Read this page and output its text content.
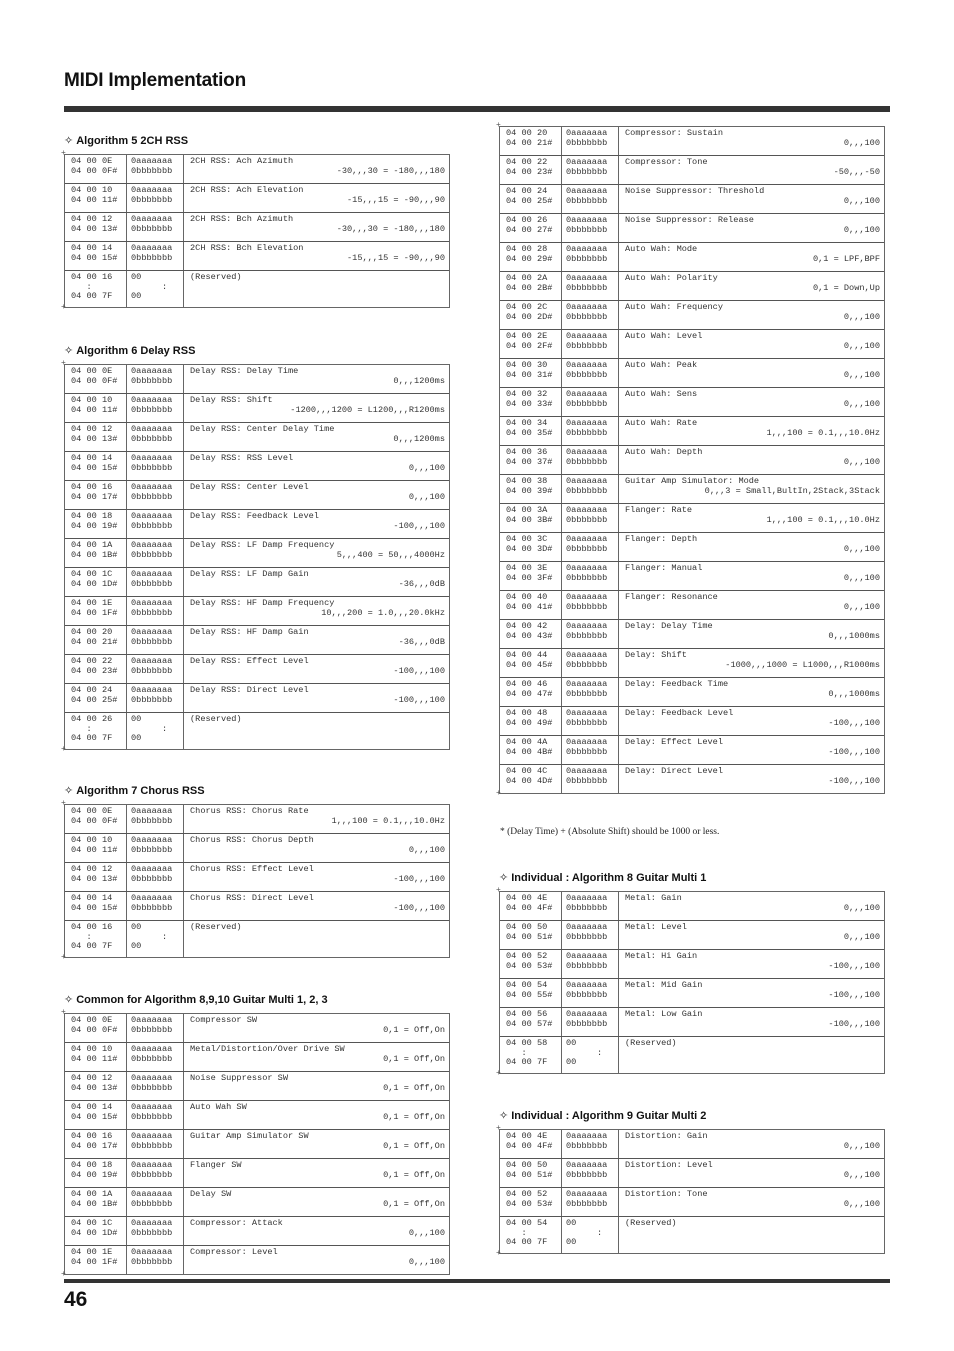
MIDI Implementation
✧ Algorithm 5 2CH RSS
+ 04 00 0E
04 00 0F#
0aaaaaaa
0bbbbbbb
2CH RSS: Ach Azimuth
-30,,,30 = -180,,,180
04 00 10
04 00 11#
0aaaaaaa
0bbbbbbb
2CH RSS: Ach Elevation
-15,,,15 = -90,,,90
04 00 12
04 00 13#
0aaaaaaa
0bbbbbbb
2CH RSS: Bch Azimuth
-30,,,30 = -180,,,180
04 00 14
04 00 15#
0aaaaaaa
0bbbbbbb
2CH RSS: Bch Elevation
-15,,,15 = -90,,,90
04 00 16
:
04 00 7F
00
:
00
(Reserved)
+
✧ Algorithm 6 Delay RSS
+ 04 00 0E
04 00 0F#
0aaaaaaa
0bbbbbbb
Delay RSS: Delay Time
0,,,1200ms
04 00 10
04 00 11#
0aaaaaaa
0bbbbbbb
Delay RSS: Shift
-1200,,,1200 = L1200,,,R1200ms
04 00 12
04 00 13#
0aaaaaaa
0bbbbbbb
Delay RSS: Center Delay Time
0,,,1200ms
04 00 14
04 00 15#
0aaaaaaa
0bbbbbbb
Delay RSS: RSS Level
0,,,100
04 00 16
04 00 17#
0aaaaaaa
0bbbbbbb
Delay RSS: Center Level
0,,,100
04 00 18
04 00 19#
0aaaaaaa
0bbbbbbb
Delay RSS: Feedback Level
-100,,,100
04 00 1A
04 00 1B#
0aaaaaaa
0bbbbbbb
Delay RSS: LF Damp Frequency
5,,,400 = 50,,,4000Hz
04 00 1C
04 00 1D#
0aaaaaaa
0bbbbbbb
Delay RSS: LF Damp Gain
-36,,,0dB
04 00 1E
04 00 1F#
0aaaaaaa
0bbbbbbb
Delay RSS: HF Damp Frequency
10,,,200 = 1.0,,,20.0kHz
04 00 20
04 00 21#
0aaaaaaa
0bbbbbbb
Delay RSS: HF Damp Gain
-36,,,0dB
04 00 22
04 00 23#
0aaaaaaa
0bbbbbbb
Delay RSS: Effect Level
-100,,,100
04 00 24
04 00 25#
0aaaaaaa
0bbbbbbb
Delay RSS: Direct Level
-100,,,100
04 00 26
:
04 00 7F
00
:
00
(Reserved)
+
✧ Algorithm 7 Chorus RSS
+ 04 00 0E
04 00 0F#
0aaaaaaa
0bbbbbbb
Chorus RSS: Chorus Rate
1,,,100 = 0.1,,,10.0Hz
04 00 10
04 00 11#
0aaaaaaa
0bbbbbbb
Chorus RSS: Chorus Depth
0,,,100
04 00 12
04 00 13#
0aaaaaaa
0bbbbbbb
Chorus RSS: Effect Level
-100,,,100
04 00 14
04 00 15#
0aaaaaaa
0bbbbbbb
Chorus RSS: Direct Level
-100,,,100
04 00 16
:
04 00 7F
00
:
00
(Reserved)
+
✧ Common for Algorithm 8,9,10 Guitar Multi 1, 2, 3
+ 04 00 0E
04 00 0F#
0aaaaaaa
0bbbbbbb
Compressor SW
0,1 = Off,On
04 00 10
04 00 11#
0aaaaaaa
0bbbbbbb
Metal/Distortion/Over Drive SW
0,1 = Off,On
04 00 12
04 00 13#
0aaaaaaa
0bbbbbbb
Noise Suppressor SW
0,1 = Off,On
04 00 14
04 00 15#
0aaaaaaa
0bbbbbbb
Auto Wah SW
0,1 = Off,On
04 00 16
04 00 17#
0aaaaaaa
0bbbbbbb
Guitar Amp Simulator SW
0,1 = Off,On
04 00 18
04 00 19#
0aaaaaaa
0bbbbbbb
Flanger SW
0,1 = Off,On
04 00 1A
04 00 1B#
0aaaaaaa
0bbbbbbb
Delay SW
0,1 = Off,On
04 00 1C
04 00 1D#
0aaaaaaa
0bbbbbbb
Compressor: Attack
0,,,100
04 00 1E
04 00 1F#
0aaaaaaa
0bbbbbbb
Compressor: Level
0,,,100
+
+ 04 00 20
04 00 21#
0aaaaaaa
0bbbbbbb
Compressor: Sustain
0,,,100
04 00 22
04 00 23#
0aaaaaaa
0bbbbbbb
Compressor: Tone
-50,,,-50
04 00 24
04 00 25#
0aaaaaaa
0bbbbbbb
Noise Suppressor: Threshold
0,,,100
04 00 26
04 00 27#
0aaaaaaa
0bbbbbbb
Noise Suppressor: Release
0,,,100
04 00 28
04 00 29#
0aaaaaaa
0bbbbbbb
Auto Wah: Mode
0,1 = LPF,BPF
04 00 2A
04 00 2B#
0aaaaaaa
0bbbbbbb
Auto Wah: Polarity
0,1 = Down,Up
04 00 2C
04 00 2D#
0aaaaaaa
0bbbbbbb
Auto Wah: Frequency
0,,,100
04 00 2E
04 00 2F#
0aaaaaaa
0bbbbbbb
Auto Wah: Level
0,,,100
04 00 30
04 00 31#
0aaaaaaa
0bbbbbbb
Auto Wah: Peak
0,,,100
04 00 32
04 00 33#
0aaaaaaa
0bbbbbbb
Auto Wah: Sens
0,,,100
04 00 34
04 00 35#
0aaaaaaa
0bbbbbbb
Auto Wah: Rate
1,,,100 = 0.1,,,10.0Hz
04 00 36
04 00 37#
0aaaaaaa
0bbbbbbb
Auto Wah: Depth
0,,,100
04 00 38
04 00 39#
0aaaaaaa
0bbbbbbb
Guitar Amp Simulator: Mode
0,,,3 = Small,BultIn,2Stack,3Stack
04 00 3A
04 00 3B#
0aaaaaaa
0bbbbbbb
Flanger: Rate
1,,,100 = 0.1,,,10.0Hz
04 00 3C
04 00 3D#
0aaaaaaa
0bbbbbbb
Flanger: Depth
0,,,100
04 00 3E
04 00 3F#
0aaaaaaa
0bbbbbbb
Flanger: Manual
0,,,100
04 00 40
04 00 41#
0aaaaaaa
0bbbbbbb
Flanger: Resonance
0,,,100
04 00 42
04 00 43#
0aaaaaaa
0bbbbbbb
Delay: Delay Time
0,,,1000ms
04 00 44
04 00 45#
0aaaaaaa
0bbbbbbb
Delay: Shift
-1000,,,1000 = L1000,,,R1000ms
04 00 46
04 00 47#
0aaaaaaa
0bbbbbbb
Delay: Feedback Time
0,,,1000ms
04 00 48
04 00 49#
0aaaaaaa
0bbbbbbb
Delay: Feedback Level
-100,,,100
04 00 4A
04 00 4B#
0aaaaaaa
0bbbbbbb
Delay: Effect Level
-100,,,100
04 00 4C
04 00 4D#
0aaaaaaa
0bbbbbbb
Delay: Direct Level
-100,,,100
+
✧ Individual : Algorithm 8 Guitar Multi 1
+ 04 00 4E
04 00 4F#
0aaaaaaa
0bbbbbbb
Metal: Gain
0,,,100
04 00 50
04 00 51#
0aaaaaaa
0bbbbbbb
Metal: Level
0,,,100
04 00 52
04 00 53#
0aaaaaaa
0bbbbbbb
Metal: Hi Gain
-100,,,100
04 00 54
04 00 55#
0aaaaaaa
0bbbbbbb
Metal: Mid Gain
-100,,,100
04 00 56
04 00 57#
0aaaaaaa
0bbbbbbb
Metal: Low Gain
-100,,,100
04 00 58
:
04 00 7F
00
:
00
(Reserved)
+
✧ Individual : Algorithm 9 Guitar Multi 2
+ 04 00 4E
04 00 4F#
0aaaaaaa
0bbbbbbb
Distortion: Gain
0,,,100
04 00 50
04 00 51#
0aaaaaaa
0bbbbbbb
Distortion: Level
0,,,100
04 00 52
04 00 53#
0aaaaaaa
0bbbbbbb
Distortion: Tone
0,,,100
04 00 54
:
04 00 7F
00
:
00
(Reserved)
+
* (Delay Time) + (Absolute Shift) should be 1000 or less.
46
